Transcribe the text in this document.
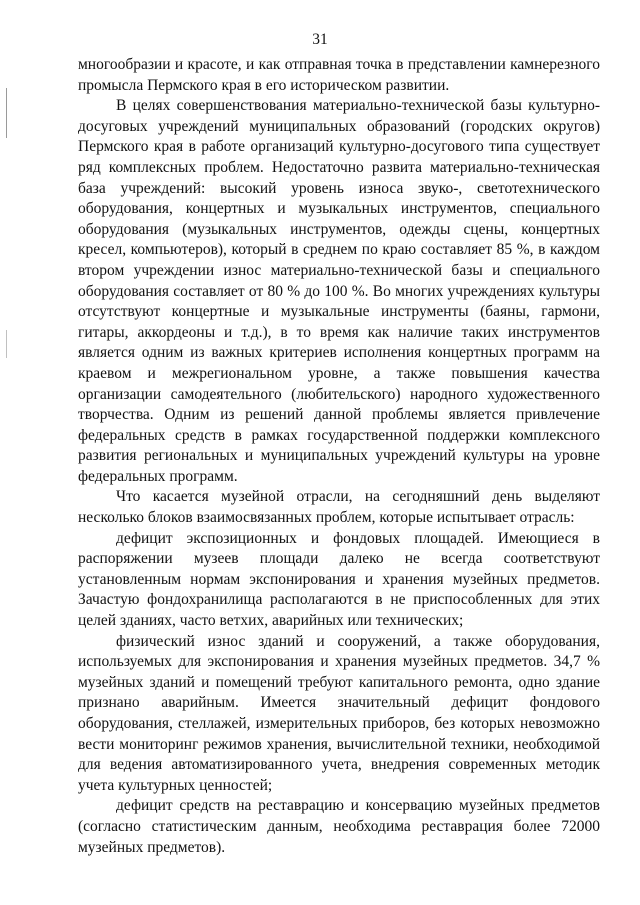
31

многообразии и красоте, и как отправная точка в представлении камнерезного промысла Пермского края в его историческом развитии.

В целях совершенствования материально-технической базы культурно-досуговых учреждений муниципальных образований (городских округов) Пермского края в работе организаций культурно-досугового типа существует ряд комплексных проблем. Недостаточно развита материально-техническая база учреждений: высокий уровень износа звуко-, светотехнического оборудования, концертных и музыкальных инструментов, специального оборудования (музыкальных инструментов, одежды сцены, концертных кресел, компьютеров), который в среднем по краю составляет 85 %, в каждом втором учреждении износ материально-технической базы и специального оборудования составляет от 80 % до 100 %. Во многих учреждениях культуры отсутствуют концертные и музыкальные инструменты (баяны, гармони, гитары, аккордеоны и т.д.), в то время как наличие таких инструментов является одним из важных критериев исполнения концертных программ на краевом и межрегиональном уровне, а также повышения качества организации самодеятельного (любительского) народного художественного творчества. Одним из решений данной проблемы является привлечение федеральных средств в рамках государственной поддержки комплексного развития региональных и муниципальных учреждений культуры на уровне федеральных программ.

Что касается музейной отрасли, на сегодняшний день выделяют несколько блоков взаимосвязанных проблем, которые испытывает отрасль:

дефицит экспозиционных и фондовых площадей. Имеющиеся в распоряжении музеев площади далеко не всегда соответствуют установленным нормам экспонирования и хранения музейных предметов. Зачастую фондохранилища располагаются в не приспособленных для этих целей зданиях, часто ветхих, аварийных или технических;

физический износ зданий и сооружений, а также оборудования, используемых для экспонирования и хранения музейных предметов. 34,7 % музейных зданий и помещений требуют капитального ремонта, одно здание признано аварийным. Имеется значительный дефицит фондового оборудования, стеллажей, измерительных приборов, без которых невозможно вести мониторинг режимов хранения, вычислительной техники, необходимой для ведения автоматизированного учета, внедрения современных методик учета культурных ценностей;

дефицит средств на реставрацию и консервацию музейных предметов (согласно статистическим данным, необходима реставрация более 72000 музейных предметов).
